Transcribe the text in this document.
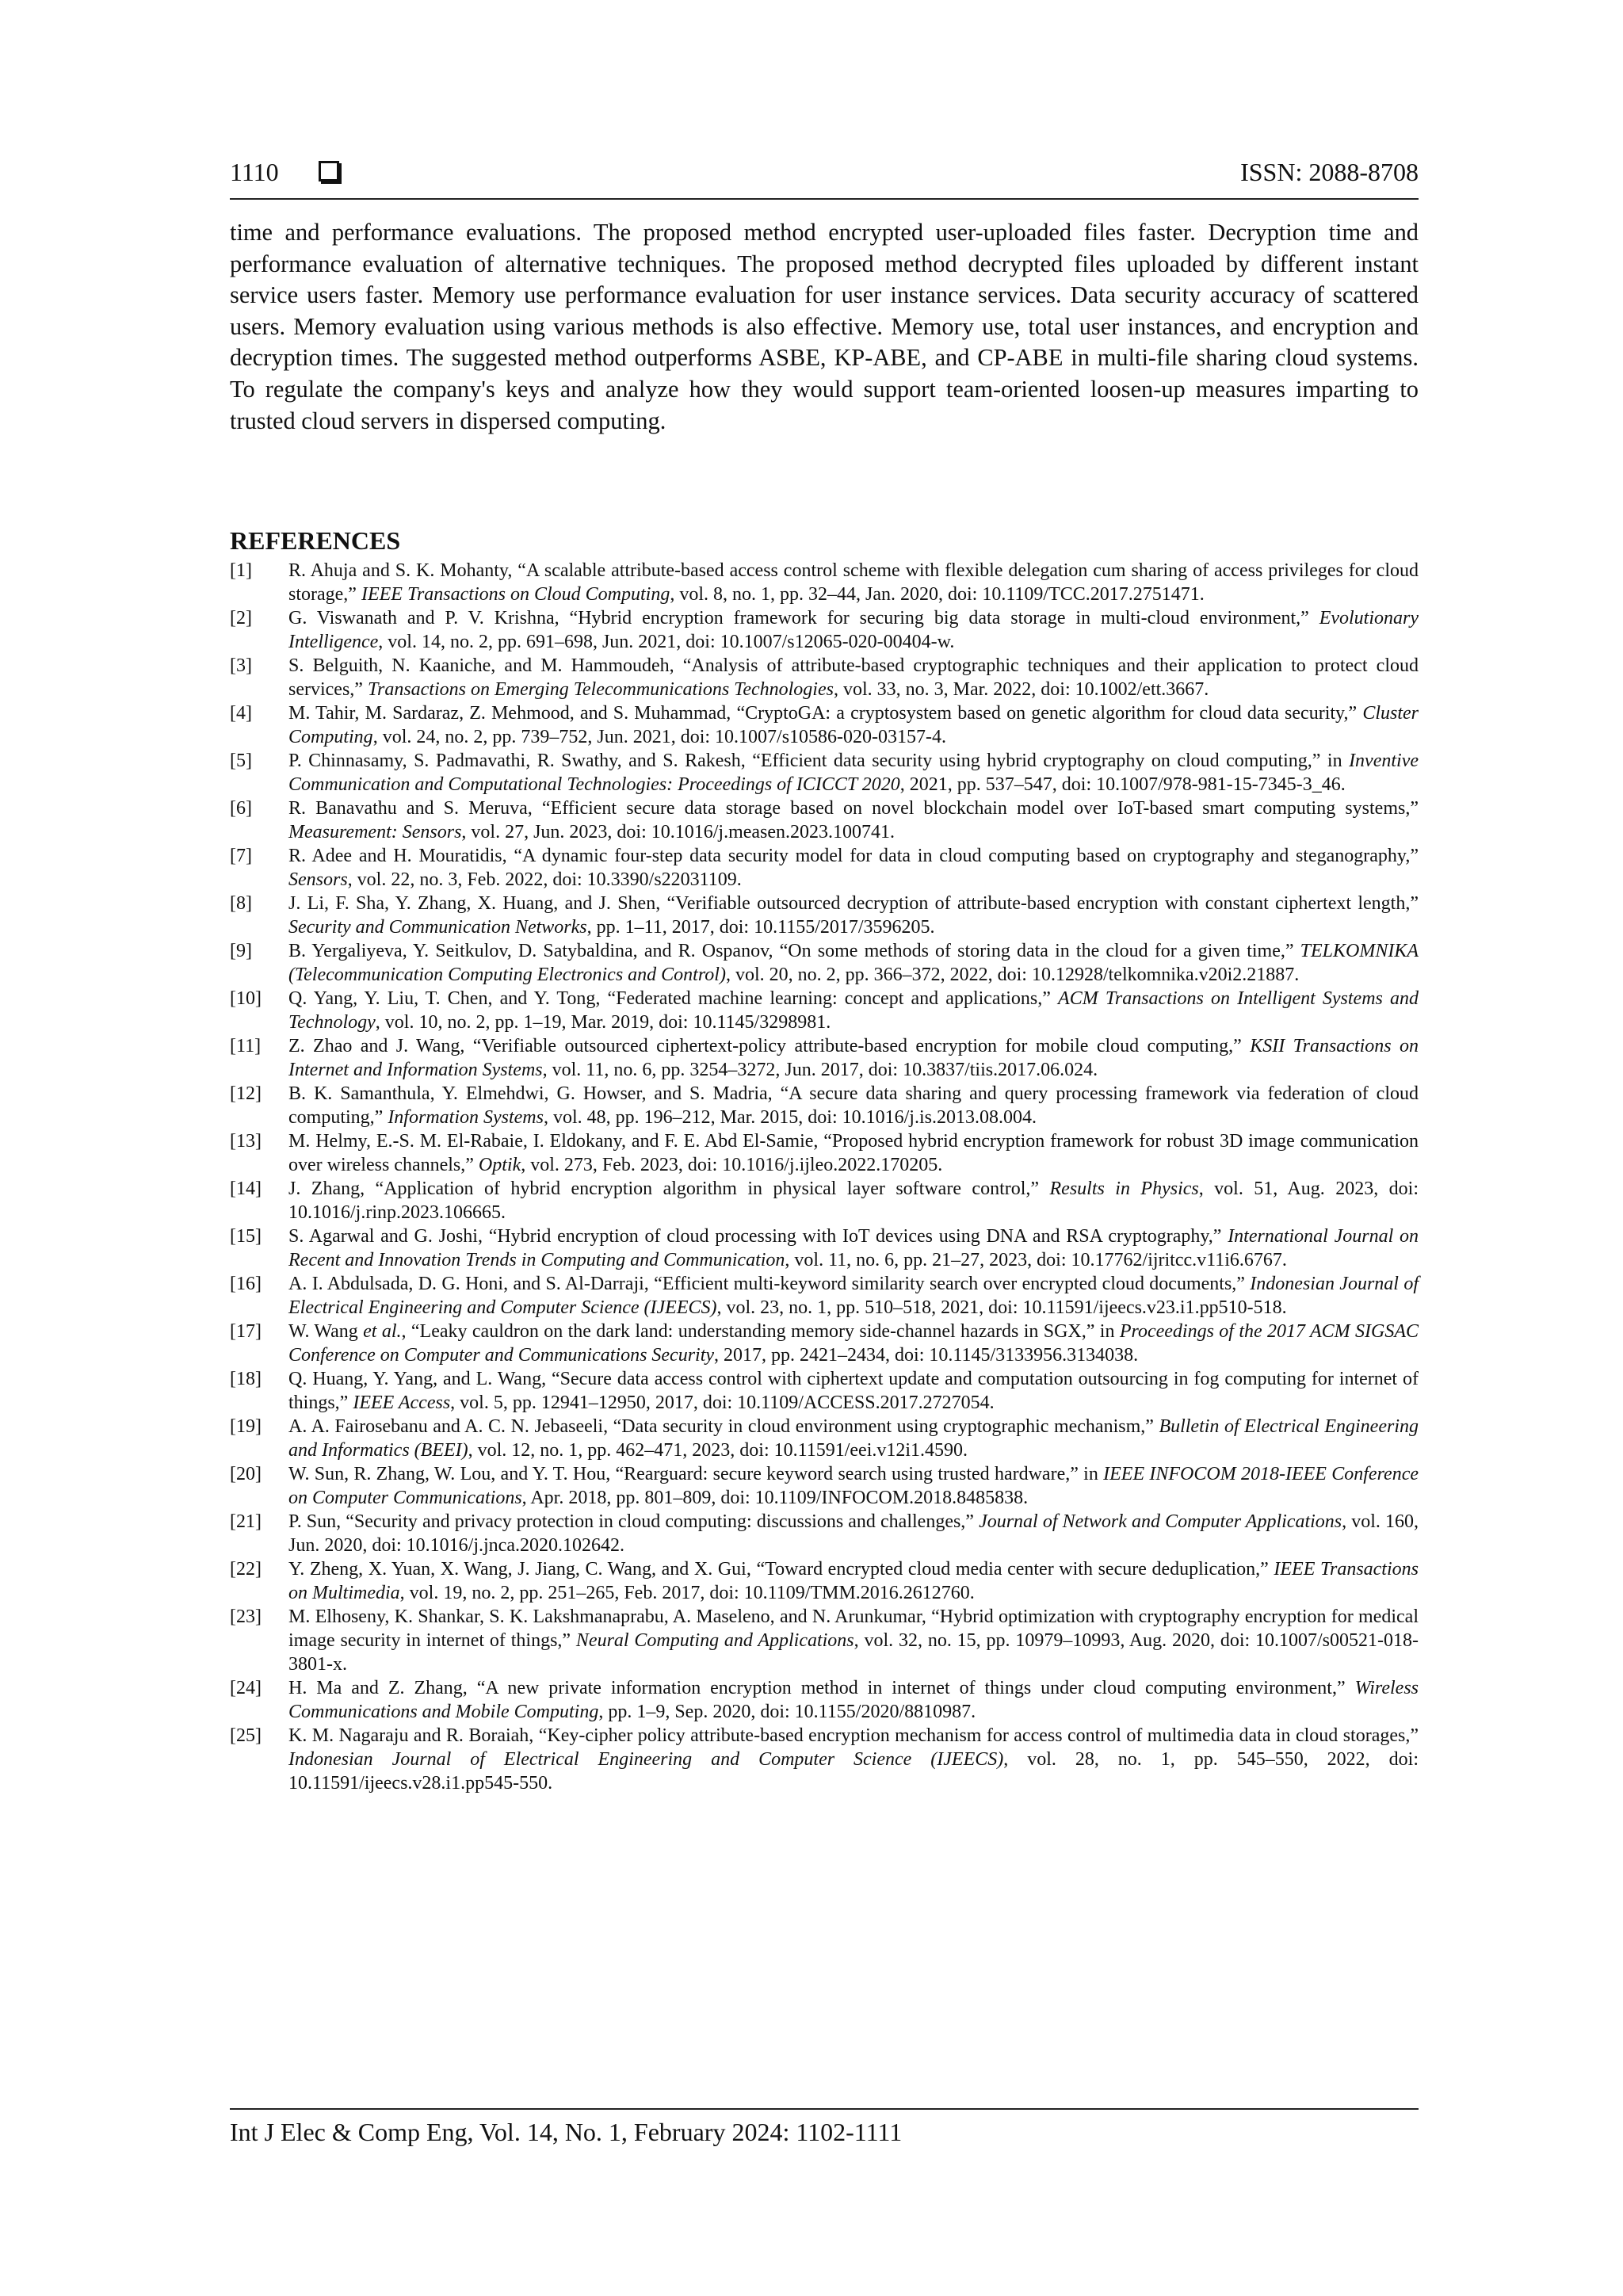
1110	ISSN: 2088-8708

time and performance evaluations. The proposed method encrypted user-uploaded files faster. Decryption time and performance evaluation of alternative techniques. The proposed method decrypted files uploaded by different instant service users faster. Memory use performance evaluation for user instance services. Data security accuracy of scattered users. Memory evaluation using various methods is also effective. Memory use, total user instances, and encryption and decryption times. The suggested method outperforms ASBE, KP-ABE, and CP-ABE in multi-file sharing cloud systems. To regulate the company's keys and analyze how they would support team-oriented loosen-up measures imparting to trusted cloud servers in dispersed computing.

REFERENCES
[1]	R. Ahuja and S. K. Mohanty, “A scalable attribute-based access control scheme with flexible delegation cum sharing of access privileges for cloud storage,” IEEE Transactions on Cloud Computing, vol. 8, no. 1, pp. 32–44, Jan. 2020, doi: 10.1109/TCC.2017.2751471.
[2]	G. Viswanath and P. V. Krishna, “Hybrid encryption framework for securing big data storage in multi-cloud environment,” Evolutionary Intelligence, vol. 14, no. 2, pp. 691–698, Jun. 2021, doi: 10.1007/s12065-020-00404-w.
[3]	S. Belguith, N. Kaaniche, and M. Hammoudeh, “Analysis of attribute-based cryptographic techniques and their application to protect cloud services,” Transactions on Emerging Telecommunications Technologies, vol. 33, no. 3, Mar. 2022, doi: 10.1002/ett.3667.
[4]	M. Tahir, M. Sardaraz, Z. Mehmood, and S. Muhammad, “CryptoGA: a cryptosystem based on genetic algorithm for cloud data security,” Cluster Computing, vol. 24, no. 2, pp. 739–752, Jun. 2021, doi: 10.1007/s10586-020-03157-4.
[5]	P. Chinnasamy, S. Padmavathi, R. Swathy, and S. Rakesh, “Efficient data security using hybrid cryptography on cloud computing,” in Inventive Communication and Computational Technologies: Proceedings of ICICCT 2020, 2021, pp. 537–547, doi: 10.1007/978-981-15-7345-3_46.
[6]	R. Banavathu and S. Meruva, “Efficient secure data storage based on novel blockchain model over IoT-based smart computing systems,” Measurement: Sensors, vol. 27, Jun. 2023, doi: 10.1016/j.measen.2023.100741.
[7]	R. Adee and H. Mouratidis, “A dynamic four-step data security model for data in cloud computing based on cryptography and steganography,” Sensors, vol. 22, no. 3, Feb. 2022, doi: 10.3390/s22031109.
[8]	J. Li, F. Sha, Y. Zhang, X. Huang, and J. Shen, “Verifiable outsourced decryption of attribute-based encryption with constant ciphertext length,” Security and Communication Networks, pp. 1–11, 2017, doi: 10.1155/2017/3596205.
[9]	B. Yergaliyeva, Y. Seitkulov, D. Satybaldina, and R. Ospanov, “On some methods of storing data in the cloud for a given time,” TELKOMNIKA (Telecommunication Computing Electronics and Control), vol. 20, no. 2, pp. 366–372, 2022, doi: 10.12928/telkomnika.v20i2.21887.
[10]	Q. Yang, Y. Liu, T. Chen, and Y. Tong, “Federated machine learning: concept and applications,” ACM Transactions on Intelligent Systems and Technology, vol. 10, no. 2, pp. 1–19, Mar. 2019, doi: 10.1145/3298981.
[11]	Z. Zhao and J. Wang, “Verifiable outsourced ciphertext-policy attribute-based encryption for mobile cloud computing,” KSII Transactions on Internet and Information Systems, vol. 11, no. 6, pp. 3254–3272, Jun. 2017, doi: 10.3837/tiis.2017.06.024.
[12]	B. K. Samanthula, Y. Elmehdwi, G. Howser, and S. Madria, “A secure data sharing and query processing framework via federation of cloud computing,” Information Systems, vol. 48, pp. 196–212, Mar. 2015, doi: 10.1016/j.is.2013.08.004.
[13]	M. Helmy, E.-S. M. El-Rabaie, I. Eldokany, and F. E. Abd El-Samie, “Proposed hybrid encryption framework for robust 3D image communication over wireless channels,” Optik, vol. 273, Feb. 2023, doi: 10.1016/j.ijleo.2022.170205.
[14]	J. Zhang, “Application of hybrid encryption algorithm in physical layer software control,” Results in Physics, vol. 51, Aug. 2023, doi: 10.1016/j.rinp.2023.106665.
[15]	S. Agarwal and G. Joshi, “Hybrid encryption of cloud processing with IoT devices using DNA and RSA cryptography,” International Journal on Recent and Innovation Trends in Computing and Communication, vol. 11, no. 6, pp. 21–27, 2023, doi: 10.17762/ijritcc.v11i6.6767.
[16]	A. I. Abdulsada, D. G. Honi, and S. Al-Darraji, “Efficient multi-keyword similarity search over encrypted cloud documents,” Indonesian Journal of Electrical Engineering and Computer Science (IJEECS), vol. 23, no. 1, pp. 510–518, 2021, doi: 10.11591/ijeecs.v23.i1.pp510-518.
[17]	W. Wang et al., “Leaky cauldron on the dark land: understanding memory side-channel hazards in SGX,” in Proceedings of the 2017 ACM SIGSAC Conference on Computer and Communications Security, 2017, pp. 2421–2434, doi: 10.1145/3133956.3134038.
[18]	Q. Huang, Y. Yang, and L. Wang, “Secure data access control with ciphertext update and computation outsourcing in fog computing for internet of things,” IEEE Access, vol. 5, pp. 12941–12950, 2017, doi: 10.1109/ACCESS.2017.2727054.
[19]	A. A. Fairosebanu and A. C. N. Jebaseeli, “Data security in cloud environment using cryptographic mechanism,” Bulletin of Electrical Engineering and Informatics (BEEI), vol. 12, no. 1, pp. 462–471, 2023, doi: 10.11591/eei.v12i1.4590.
[20]	W. Sun, R. Zhang, W. Lou, and Y. T. Hou, “Rearguard: secure keyword search using trusted hardware,” in IEEE INFOCOM 2018-IEEE Conference on Computer Communications, Apr. 2018, pp. 801–809, doi: 10.1109/INFOCOM.2018.8485838.
[21]	P. Sun, “Security and privacy protection in cloud computing: discussions and challenges,” Journal of Network and Computer Applications, vol. 160, Jun. 2020, doi: 10.1016/j.jnca.2020.102642.
[22]	Y. Zheng, X. Yuan, X. Wang, J. Jiang, C. Wang, and X. Gui, “Toward encrypted cloud media center with secure deduplication,” IEEE Transactions on Multimedia, vol. 19, no. 2, pp. 251–265, Feb. 2017, doi: 10.1109/TMM.2016.2612760.
[23]	M. Elhoseny, K. Shankar, S. K. Lakshmanaprabu, A. Maseleno, and N. Arunkumar, “Hybrid optimization with cryptography encryption for medical image security in internet of things,” Neural Computing and Applications, vol. 32, no. 15, pp. 10979–10993, Aug. 2020, doi: 10.1007/s00521-018-3801-x.
[24]	H. Ma and Z. Zhang, “A new private information encryption method in internet of things under cloud computing environment,” Wireless Communications and Mobile Computing, pp. 1–9, Sep. 2020, doi: 10.1155/2020/8810987.
[25]	K. M. Nagaraju and R. Boraiah, “Key-cipher policy attribute-based encryption mechanism for access control of multimedia data in cloud storages,” Indonesian Journal of Electrical Engineering and Computer Science (IJEECS), vol. 28, no. 1, pp. 545–550, 2022, doi: 10.11591/ijeecs.v28.i1.pp545-550.
Int J Elec & Comp Eng, Vol. 14, No. 1, February 2024: 1102-1111
